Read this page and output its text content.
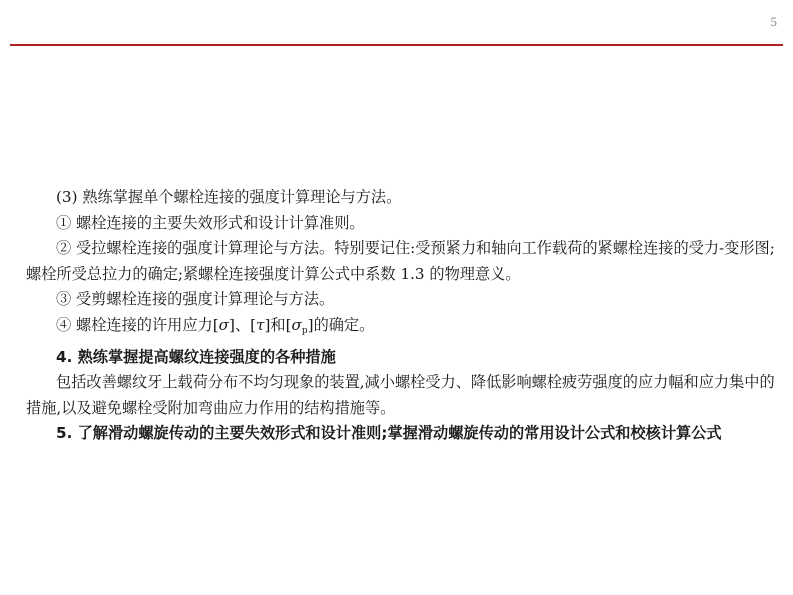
5

(3) 熟练掌握单个螺栓连接的强度计算理论与方法。

① 螺栓连接的主要失效形式和设计计算准则。

② 受拉螺栓连接的强度计算理论与方法。特别要记住:受预紧力和轴向工作载荷的紧螺栓连接的受力-变形图;螺栓所受总拉力的确定;紧螺栓连接强度计算公式中系数 1.3 的物理意义。

③ 受剪螺栓连接的强度计算理论与方法。

④ 螺栓连接的许用应力[σ]、[τ]和$[\sigma_p]$的确定。

4. 熟练掌握提高螺纹连接强度的各种措施

包括改善螺纹牙上载荷分布不均匀现象的装置,减小螺栓受力、降低影响螺栓疲劳强度的应力幅和应力集中的措施,以及避免螺栓受附加弯曲应力作用的结构措施等。

5. 了解滑动螺旋传动的主要失效形式和设计准则;掌握滑动螺旋传动的常用设计公式和校核计算公式
